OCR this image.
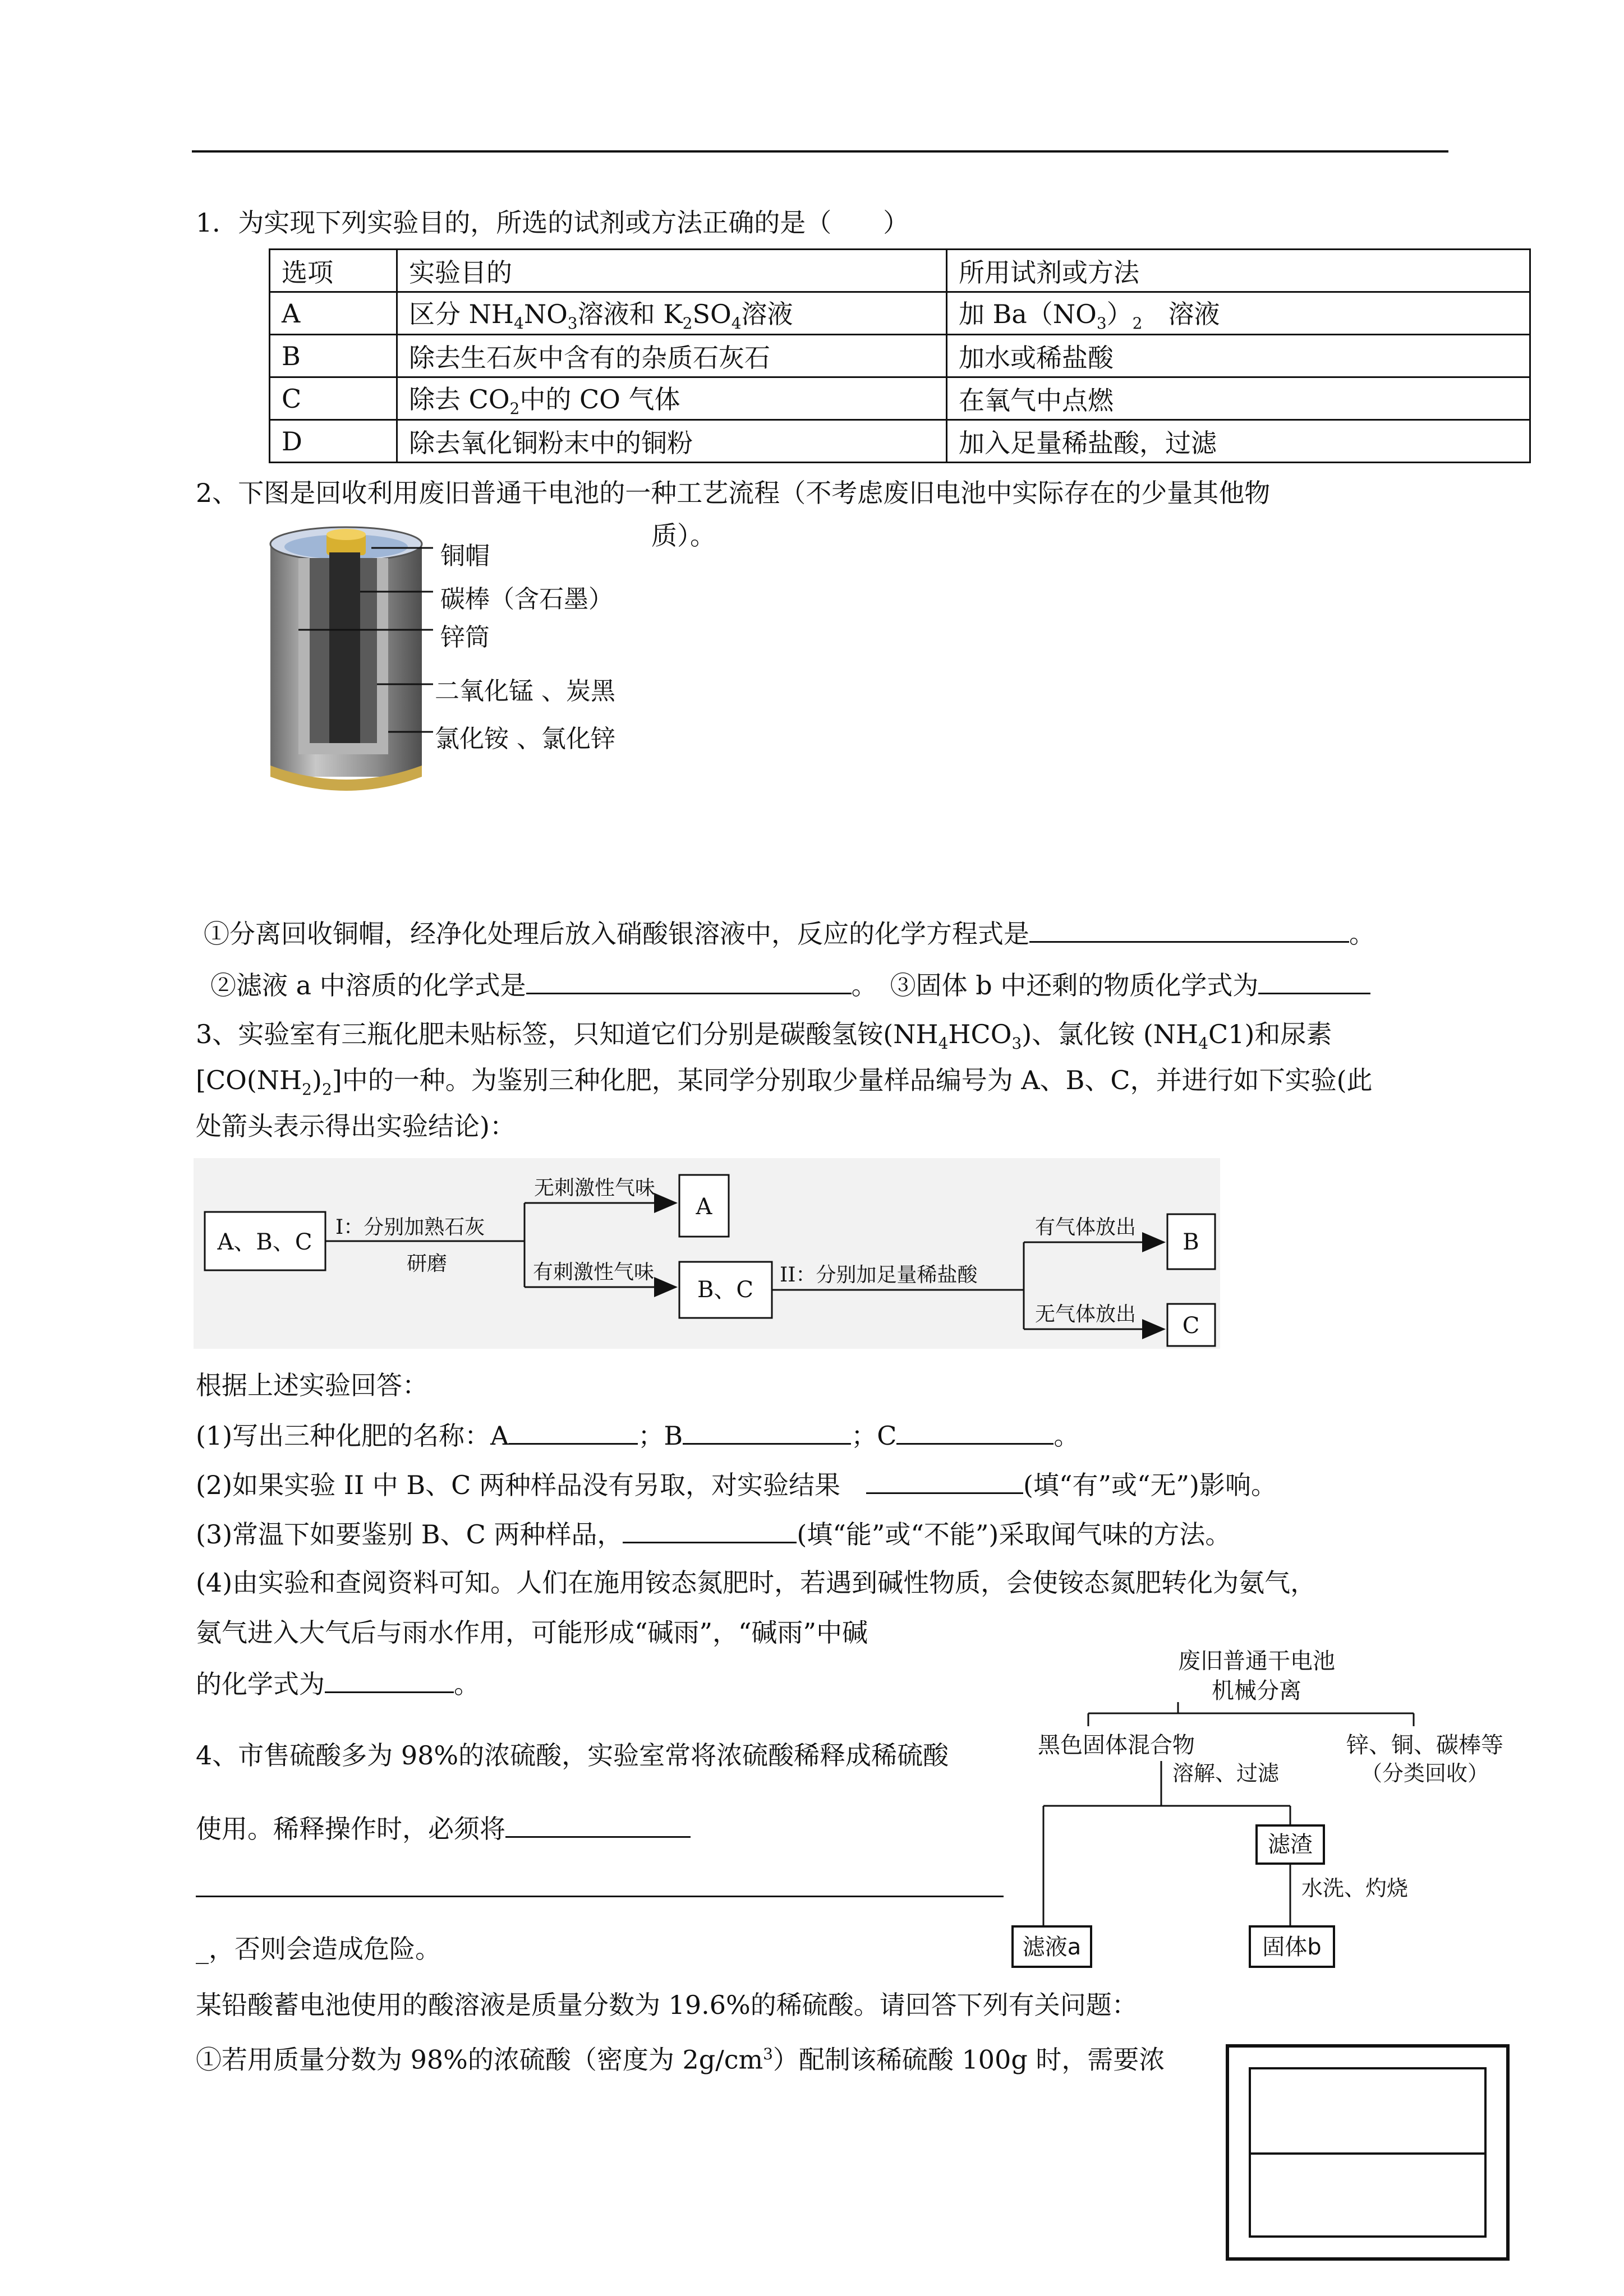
1．为实现下列实验目的，所选的试剂或方法正确的是（　　）
选项	实验目的	所用试剂或方法
A	区分 $NH_4NO_3$溶液和 $K_2SO_4$溶液	加 $Ba(NO_3)_2$　溶液
B	除去生石灰中含有的杂质石灰石	加水或稀盐酸
C	除去 $CO_2$中的 CO 气体	在氧气中点燃
D	除去氧化铜粉末中的铜粉	加入足量稀盐酸，过滤
2、下图是回收利用废旧普通干电池的一种工艺流程（不考虑废旧电池中实际存在的少量其他物
质）。
铜帽
碳棒（含石墨）
锌筒
二氧化锰 、炭黑
氯化铵 、氯化锌
①分离回收铜帽，经净化处理后放入硝酸银溶液中，反应的化学方程式是	。
②滤液 a 中溶质的化学式是	。　 ③固体 b 中还剩的物质化学式为
3、实验室有三瓶化肥未贴标签，只知道它们分别是碳酸氢铵$(NH_4HCO_3)$、氯化铵 $(NH_4C1)$和尿素
$[CO(NH_2)_2]$中的一种。为鉴别三种化肥，某同学分别取少量样品编号为 A、B、C，并进行如下实验(此
处箭头表示得出实验结论)：
A、B、C
I：分别加熟石灰
研磨
无刺激性气味
A
有刺激性气味
B、C
II：分别加足量稀盐酸
有气体放出
B
无气体放出 C
根据上述实验回答：
(1)写出三种化肥的名称：A	；B	；C	。
(2)如果实验 II 中 B、C 两种样品没有另取，对实验结果　	(填“有”或“无”)影响。
(3)常温下如要鉴别 B、C 两种样品，	(填“能”或“不能”)采取闻气味的方法。
(4)由实验和查阅资料可知。人们在施用铵态氮肥时，若遇到碱性物质，会使铵态氮肥转化为氨气，
氨气进入大气后与雨水作用，可能形成“碱雨”，“碱雨”中碱
的化学式为	。
废旧普通干电池
机械分离
黑色固体混合物	锌、铜、碳棒等
（分类回收）
溶解、过滤
滤渣
水洗、灼烧
滤液a	固体b
4、市售硫酸多为 98%的浓硫酸，实验室常将浓硫酸稀释成稀硫酸
使用。稀释操作时，必须将
_，否则会造成危险。
某铅酸蓄电池使用的酸溶液是质量分数为 19.6%的稀硫酸。请回答下列有关问题：
①若用质量分数为 98%的浓硫酸（密度为 $2g/cm^3$）配制该稀硫酸 100g 时，需要浓
